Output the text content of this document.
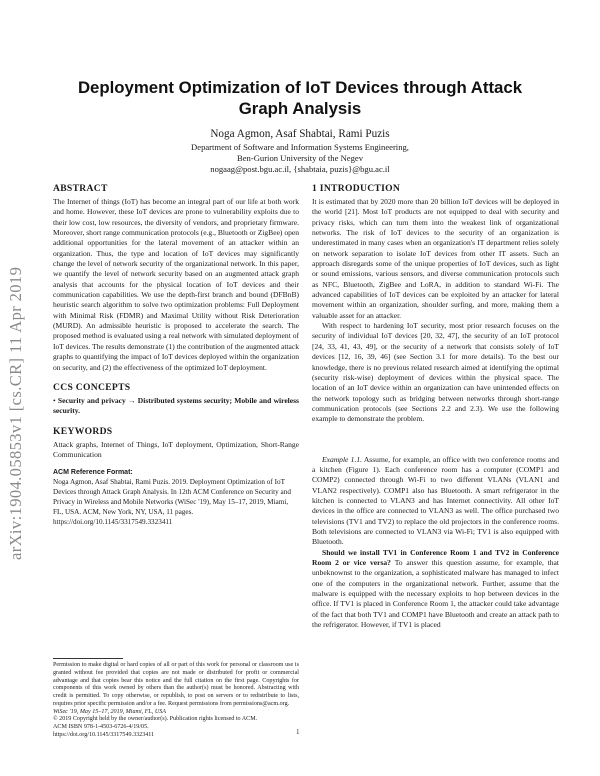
arXiv:1904.05853v1 [cs.CR] 11 Apr 2019
Deployment Optimization of IoT Devices through Attack
Graph Analysis
Noga Agmon, Asaf Shabtai, Rami Puzis
Department of Software and Information Systems Engineering,
Ben-Gurion University of the Negev
nogaag@post.bgu.ac.il, {shabtaia, puzis}@bgu.ac.il
ABSTRACT

The Internet of things (IoT) has become an integral part of our life at both work and home. However, these IoT devices are prone to vulnerability exploits due to their low cost, low resources, the diversity of vendors, and proprietary firmware. Moreover, short range communication protocols (e.g., Bluetooth or ZigBee) open additional opportunities for the lateral movement of an attacker within an organization. Thus, the type and location of IoT devices may significantly change the level of network security of the organizational network. In this paper, we quantify the level of network security based on an augmented attack graph analysis that accounts for the physical location of IoT devices and their communication capabilities. We use the depth-first branch and bound (DFBnB) heuristic search algorithm to solve two optimization problems: Full Deployment with Minimal Risk (FDMR) and Maximal Utility without Risk Deterioration (MURD). An admissible heuristic is proposed to accelerate the search. The proposed method is evaluated using a real network with simulated deployment of IoT devices. The results demonstrate (1) the contribution of the augmented attack graphs to quantifying the impact of IoT devices deployed within the organization on security, and (2) the effectiveness of the optimized IoT deployment.

CCS CONCEPTS

• Security and privacy → Distributed systems security; Mobile and wireless security.

KEYWORDS

Attack graphs, Internet of Things, IoT deployment, Optimization, Short-Range Communication

ACM Reference Format:

Noga Agmon, Asaf Shabtai, Rami Puzis. 2019. Deployment Optimization of IoT Devices through Attack Graph Analysis. In 12th ACM Conference on Security and Privacy in Wireless and Mobile Networks (WiSec '19), May 15–17, 2019, Miami, FL, USA. ACM, New York, NY, USA, 11 pages. https://doi.org/10.1145/3317549.3323411

Permission to make digital or hard copies of all or part of this work for personal or classroom use is granted without fee provided that copies are not made or distributed for profit or commercial advantage and that copies bear this notice and the full citation on the first page. Copyrights for components of this work owned by others than the author(s) must be honored. Abstracting with credit is permitted. To copy otherwise, or republish, to post on servers or to redistribute to lists, requires prior specific permission and/or a fee. Request permissions from permissions@acm.org.

WiSec '19, May 15–17, 2019, Miami, FL, USA

© 2019 Copyright held by the owner/author(s). Publication rights licensed to ACM.

ACM ISBN 978-1-4503-6726-4/19/05.

https://doi.org/10.1145/3317549.3323411

1 INTRODUCTION

It is estimated that by 2020 more than 20 billion IoT devices will be deployed in the world [21]. Most IoT products are not equipped to deal with security and privacy risks, which can turn them into the weakest link of organizational networks. The risk of IoT devices to the security of an organization is underestimated in many cases when an organization's IT department relies solely on network separation to isolate IoT devices from other IT assets. Such an approach disregards some of the unique properties of IoT devices, such as light or sound emissions, various sensors, and diverse communication protocols such as NFC, Bluetooth, ZigBee and LoRA, in addition to standard Wi-Fi. The advanced capabilities of IoT devices can be exploited by an attacker for lateral movement within an organization, shoulder surfing, and more, making them a valuable asset for an attacker.

With respect to hardening IoT security, most prior research focuses on the security of individual IoT devices [20, 32, 47], the security of an IoT protocol [24, 33, 41, 43, 49], or the security of a network that consists solely of IoT devices [12, 16, 39, 46] (see Section 3.1 for more details). To the best our knowledge, there is no previous related research aimed at identifying the optimal (security risk-wise) deployment of devices within the physical space. The location of an IoT device within an organization can have unintended effects on the network topology such as bridging between networks through short-range communication protocols (see Sections 2.2 and 2.3). We use the following example to demonstrate the problem.

Example 1.1. Assume, for example, an office with two conference rooms and a kitchen (Figure 1). Each conference room has a computer (COMP1 and COMP2) connected through Wi-Fi to two different VLANs (VLAN1 and VLAN2 respectively). COMP1 also has Bluetooth. A smart refrigerator in the kitchen is connected to VLAN3 and has Internet connectivity. All other IoT devices in the office are connected to VLAN3 as well. The office purchased two televisions (TV1 and TV2) to replace the old projectors in the conference rooms. Both televisions are connected to VLAN3 via Wi-Fi; TV1 is also equipped with Bluetooth.

Should we install TV1 in Conference Room 1 and TV2 in Conference Room 2 or vice versa? To answer this question assume, for example, that unbeknownst to the organization, a sophisticated malware has managed to infect one of the computers in the organizational network. Further, assume that the malware is equipped with the necessary exploits to hop between devices in the office. If TV1 is placed in Conference Room 1, the attacker could take advantage of the fact that both TV1 and COMP1 have Bluetooth and create an attack path to the refrigerator. However, if TV1 is placed

1
